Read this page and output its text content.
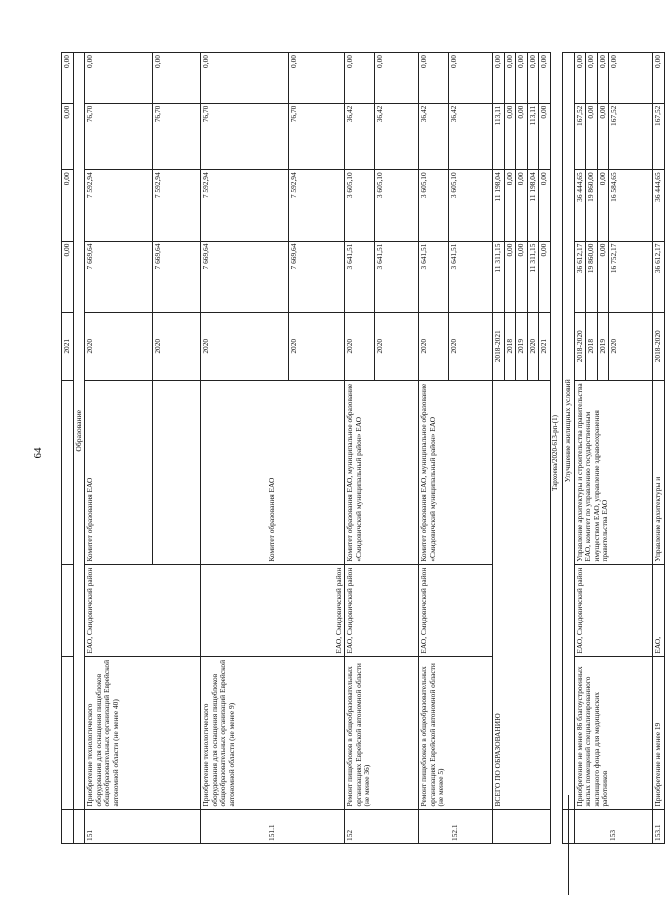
64
				2021	0,00	0,00	0,00	0,00
	Образование							
151	Приобретение технологического оборудования для оснащения пищеблоков общеобразовательных организаций Еврейской автономной области (не менее 40)	ЕАО, Смидовичский район	Комитет образования ЕАО	2020	7 669,64	7 592,94	76,70	0,00
				2020	7 669,64	7 592,94	76,70	0,00
151.1	Приобретение технологического оборудования для оснащения пищеблоков общеобразовательных организаций Еврейской автономной области (не менее 9)	ЕАО, Смидовичский район	Комитет образования ЕАО	2020	7 669,64	7 592,94	76,70	0,00
				2020	7 669,64	7 592,94	76,70	0,00
152	Ремонт пищеблоков в общеобразовательных организациях Еврейской автономной области (не менее 36)	ЕАО, Смидовичский район	Комитет образования ЕАО, муниципальное образование «Смидовичский муниципальный район» ЕАО	2020	3 641,51	3 605,10	36,42	0,00
				2020	3 641,51	3 605,10	36,42	0,00
152.1	Ремонт пищеблоков в общеобразовательных организациях Еврейской автономной области (не менее 5)	ЕАО, Смидовичский район	Комитет образования ЕАО, муниципальное образование «Смидовичский муниципальный район» ЕАО	2020	3 641,51	3 605,10	36,42	0,00
				2020	3 641,51	3 605,10	36,42	0,00
	ВСЕГО ПО ОБРАЗОВАНИЮ			2018-2021	11 311,15	11 198,04	113,11	0,00
				2018	0,00	0,00	0,00	0,00
				2019	0,00	0,00	0,00	0,00
				2020	11 311,15	11 198,04	113,11	0,00
				2021	0,00	0,00	0,00	0,00

	Улучшение жилищных условий							
153	Приобретение не менее 86 благоустроенных жилых помещений специализированного жилищного фонда для медицинских работников	ЕАО, Смидовичский район	Управление архитектуры и строительства правительства ЕАО, комитет по управлению государственным имуществом ЕАО, управление здравоохранения правительства ЕАО	2018-2020	36 612,17	36 444,65	167,52	0,00
				2018	19 860,00	19 860,00	0,00	0,00
				2019	0,00	0,00	0,00	0,00
				2020	16 752,17	16 584,65	167,52	0,00
153.1	Приобретение не менее 19	ЕАО,	Управление архитектуры и	2018-2020	36 612,17	36 444,65	167,52	0,00
Тархоева/2020-613-рп-(1)
